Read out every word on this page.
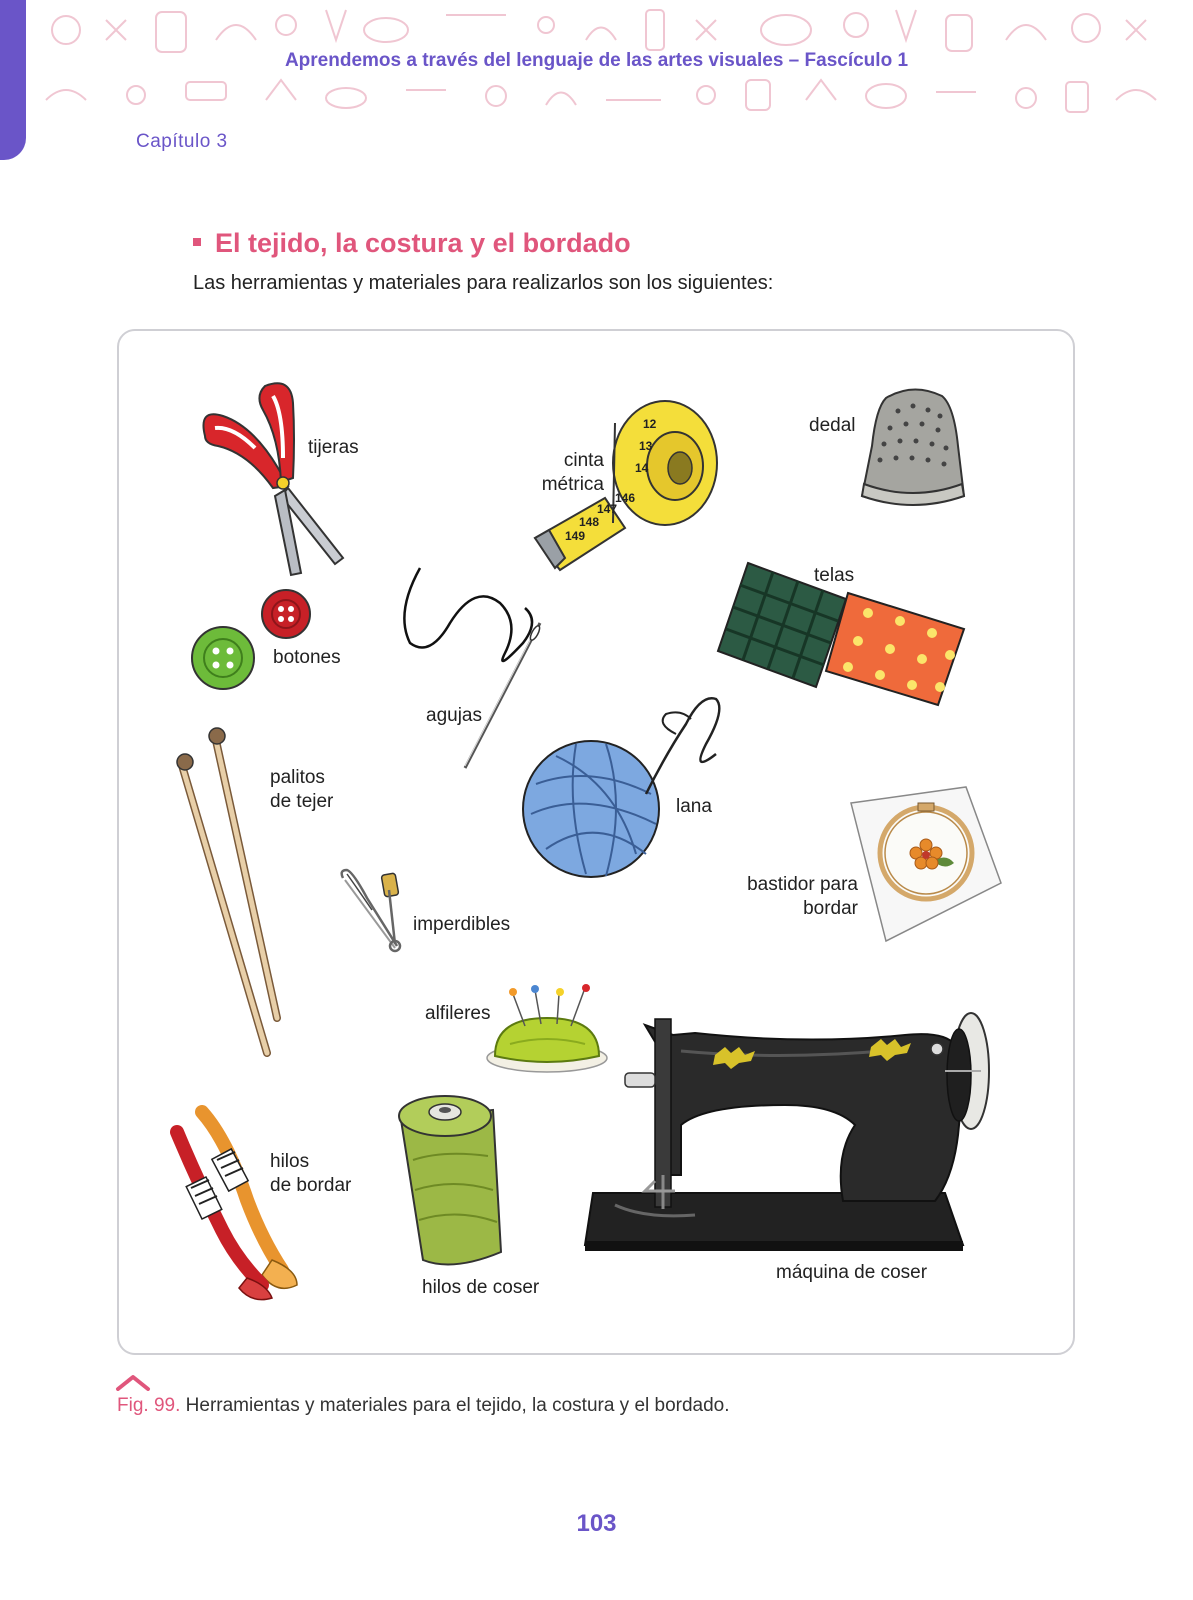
Aprendemos a través del lenguaje de las artes visuales – Fascículo 1
Capítulo 3
El tejido, la costura y el bordado
Las herramientas y materiales para realizarlos son los siguientes:
tijeras
12
13
14
146
147
148
149
cinta
métrica
dedal
telas
botones
agujas
palitos
de tejer	lana
imperdibles
bastidor para
bordar
alfileres
hilos
de bordar
hilos de coser
máquina de coser
Fig. 99. Herramientas y materiales para el tejido, la costura y el bordado.
103
